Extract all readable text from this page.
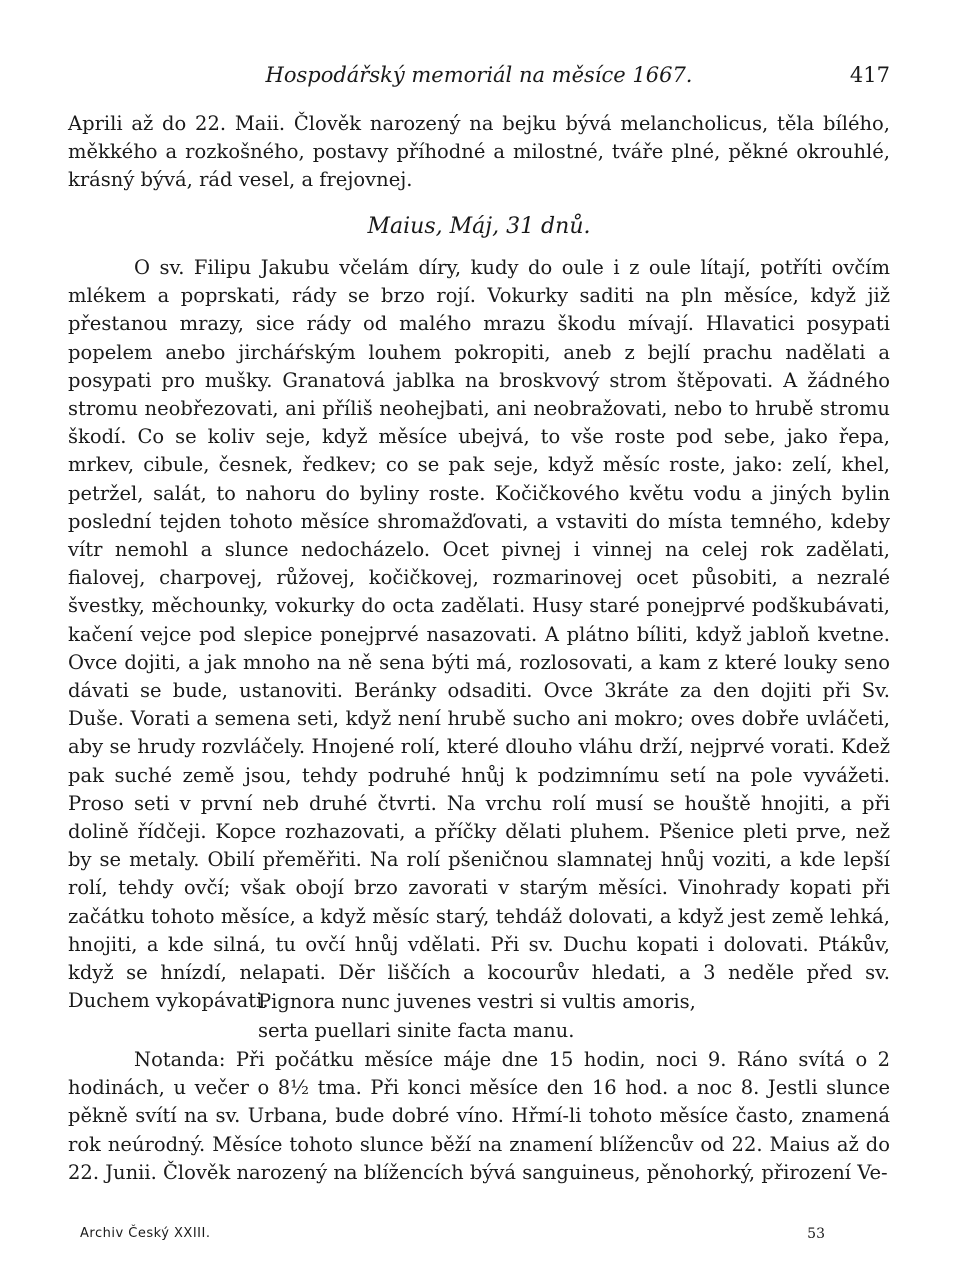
Hospodářský memoriál na měsíce 1667.	417

Aprili až do 22. Maii. Člověk narozený na bejku bývá melancholicus, těla bílého, měkkého a rozkošného, postavy příhodné a milostné, tváře plné, pěkné okrouhlé, krásný bývá, rád vesel, a frejovnej.

Maius, Máj, 31 dnů.

O sv. Filipu Jakubu včelám díry, kudy do oule i z oule lítají, potříti ovčím mlékem a poprskati, rády se brzo rojí. Vokurky saditi na pln měsíce, když již přestanou mrazy, sice rády od malého mrazu škodu mívají. Hlavatici posypati popelem anebo jircháŕským louhem pokropiti, aneb z bejlí prachu nadělati a posypati pro mušky. Granatová jablka na broskvový strom štěpovati. A žádného stromu neobřezovati, ani příliš neohejbati, ani neobražovati, nebo to hrubě stromu škodí. Co se koliv seje, když měsíce ubejvá, to vše roste pod sebe, jako řepa, mrkev, cibule, česnek, ředkev; co se pak seje, když měsíc roste, jako: zelí, khel, petržel, salát, to nahoru do byliny roste. Kočičkového květu vodu a jiných bylin poslední tejden tohoto měsíce shromažďovati, a vstaviti do místa temného, kdeby vítr nemohl a slunce nedocházelo. Ocet pivnej i vinnej na celej rok zadělati, fialovej, charpovej, růžovej, kočičkovej, rozmarinovej ocet působiti, a nezralé švestky, měchounky, vokurky do octa zadělati. Husy staré ponejprvé podškubávati, kačení vejce pod slepice ponejprvé nasazovati. A plátno bíliti, když jabloň kvetne. Ovce dojiti, a jak mnoho na ně sena býti má, rozlosovati, a kam z které louky seno dávati se bude, ustanoviti. Beránky odsaditi. Ovce 3kráte za den dojiti při Sv. Duše. Vorati a semena seti, když není hrubě sucho ani mokro; oves dobře uvláčeti, aby se hrudy rozvláčely. Hnojené rolí, které dlouho vláhu drží, nejprvé vorati. Kdež pak suché země jsou, tehdy podruhé hnůj k podzimnímu setí na pole vyvážeti. Proso seti v první neb druhé čtvrti. Na vrchu rolí musí se houště hnojiti, a při dolině řídčeji. Kopce rozhazovati, a příčky dělati pluhem. Pšenice pleti prve, než by se metaly. Obilí přeměřiti. Na rolí pšeničnou slamnatej hnůj voziti, a kde lepší rolí, tehdy ovčí; však obojí brzo zavorati v starým měsíci. Vinohrady kopati při začátku tohoto měsíce, a když měsíc starý, tehdáž dolovati, a když jest země lehká, hnojiti, a kde silná, tu ovčí hnůj vdělati. Při sv. Duchu kopati i dolovati. Ptákův, když se hnízdí, nelapati. Děr liščích a kocourův hledati, a 3 neděle před sv. Duchem vykopávati.

Pignora nunc juvenes vestri si vultis amoris,
serta puellari sinite facta manu.

Notanda: Při počátku měsíce máje dne 15 hodin, noci 9. Ráno svítá o 2 hodinách, u večer o 8½ tma. Při konci měsíce den 16 hod. a noc 8. Jestli slunce pěkně svítí na sv. Urbana, bude dobré víno. Hřmí-li tohoto měsíce často, znamená rok neúrodný. Měsíce tohoto slunce běží na znamení blížencův od 22. Maius až do 22. Junii. Člověk narozený na blížencích bývá sanguineus, pěnohorký, přirození Ve-

Archiv Český XXIII.	53
